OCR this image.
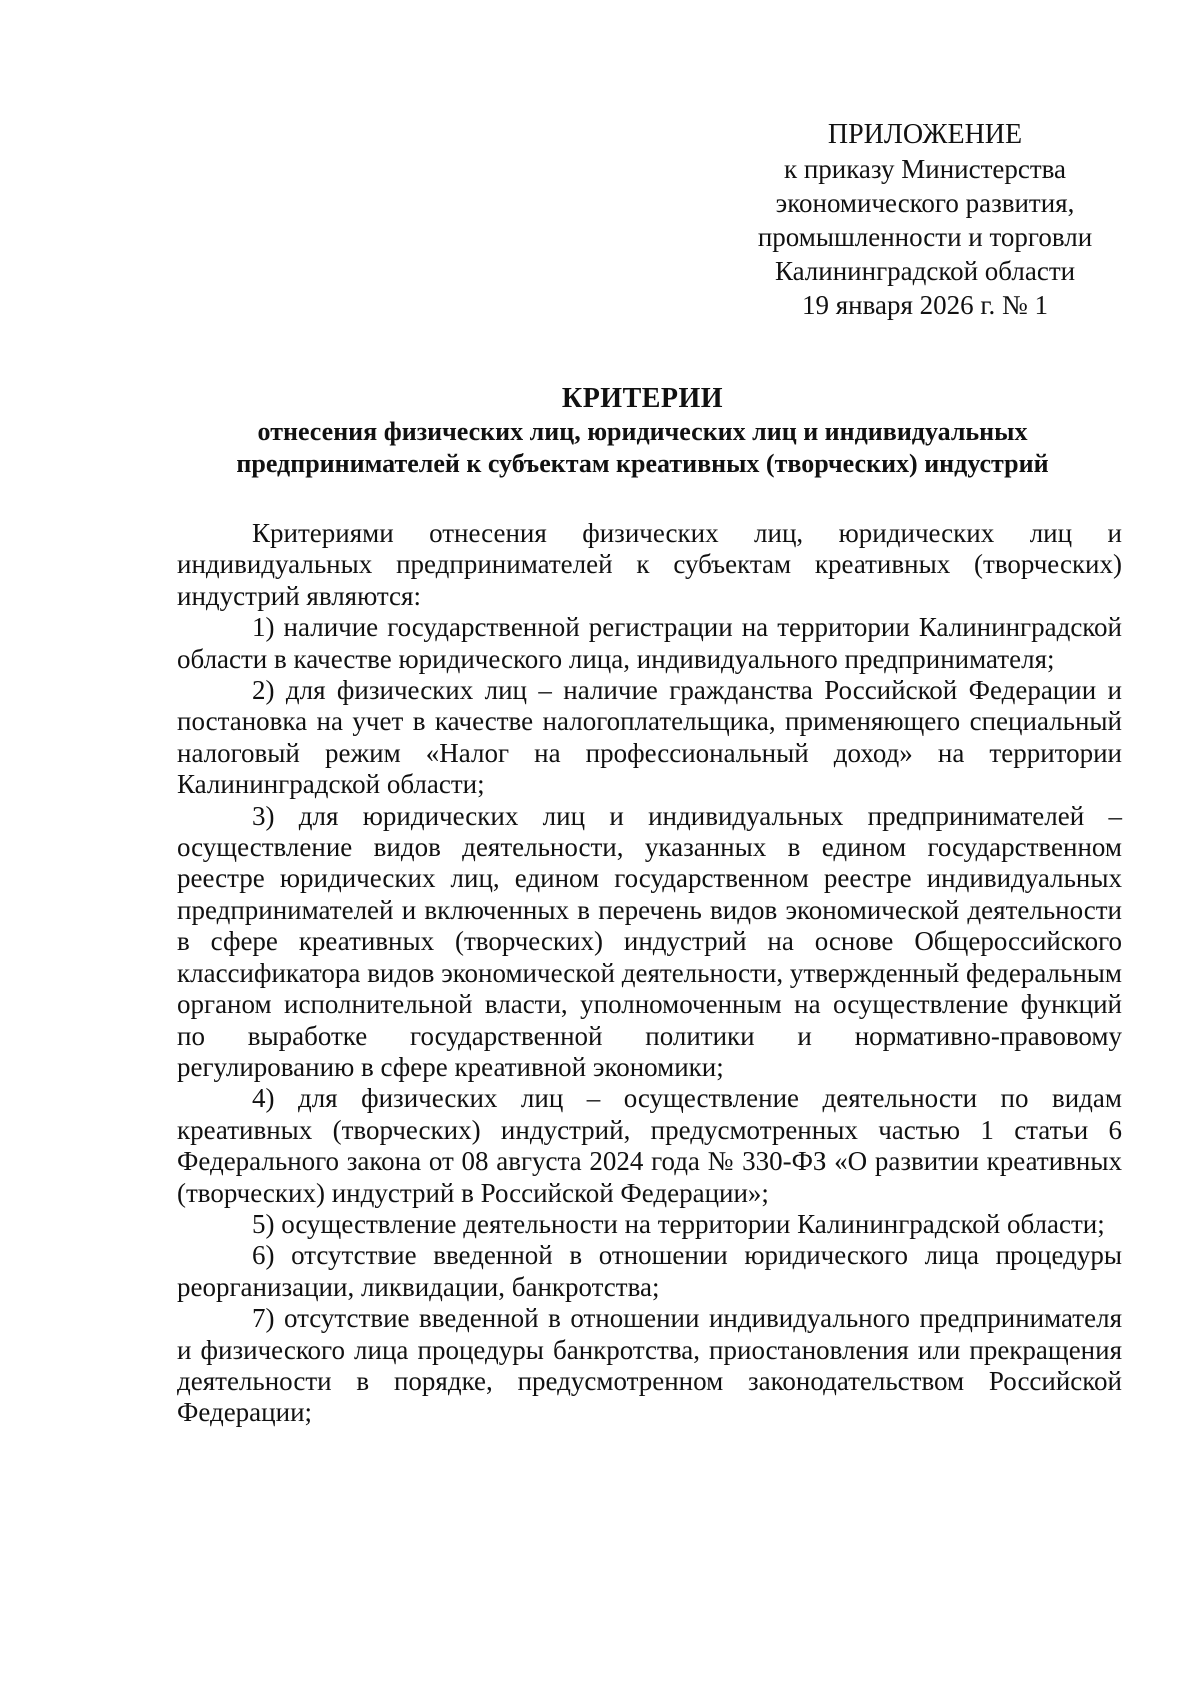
ПРИЛОЖЕНИЕ
к приказу Министерства
экономического развития,
промышленности и торговли
Калининградской области
19 января 2026 г. № 1
КРИТЕРИИ
отнесения физических лиц, юридических лиц и индивидуальных
предпринимателей к субъектам креативных (творческих) индустрий

Критериями отнесения физических лиц, юридических лиц и индивидуальных предпринимателей к субъектам креативных (творческих) индустрий являются:

1) наличие государственной регистрации на территории Калининградской области в качестве юридического лица, индивидуального предпринимателя;

2) для физических лиц – наличие гражданства Российской Федерации и постановка на учет в качестве налогоплательщика, применяющего специальный налоговый режим «Налог на профессиональный доход» на территории Калининградской области;

3) для юридических лиц и индивидуальных предпринимателей – осуществление видов деятельности, указанных в едином государственном реестре юридических лиц, едином государственном реестре индивидуальных предпринимателей и включенных в перечень видов экономической деятельности в сфере креативных (творческих) индустрий на основе Общероссийского классификатора видов экономической деятельности, утвержденный федеральным органом исполнительной власти, уполномоченным на осуществление функций по выработке государственной политики и нормативно-правовому регулированию в сфере креативной экономики;

4) для физических лиц – осуществление деятельности по видам креативных (творческих) индустрий, предусмотренных частью 1 статьи 6 Федерального закона от 08 августа 2024 года № 330-ФЗ «О развитии креативных (творческих) индустрий в Российской Федерации»;

5) осуществление деятельности на территории Калининградской области;

6) отсутствие введенной в отношении юридического лица процедуры реорганизации, ликвидации, банкротства;

7) отсутствие введенной в отношении индивидуального предпринимателя и физического лица процедуры банкротства, приостановления или прекращения деятельности в порядке, предусмотренном законодательством Российской Федерации;
